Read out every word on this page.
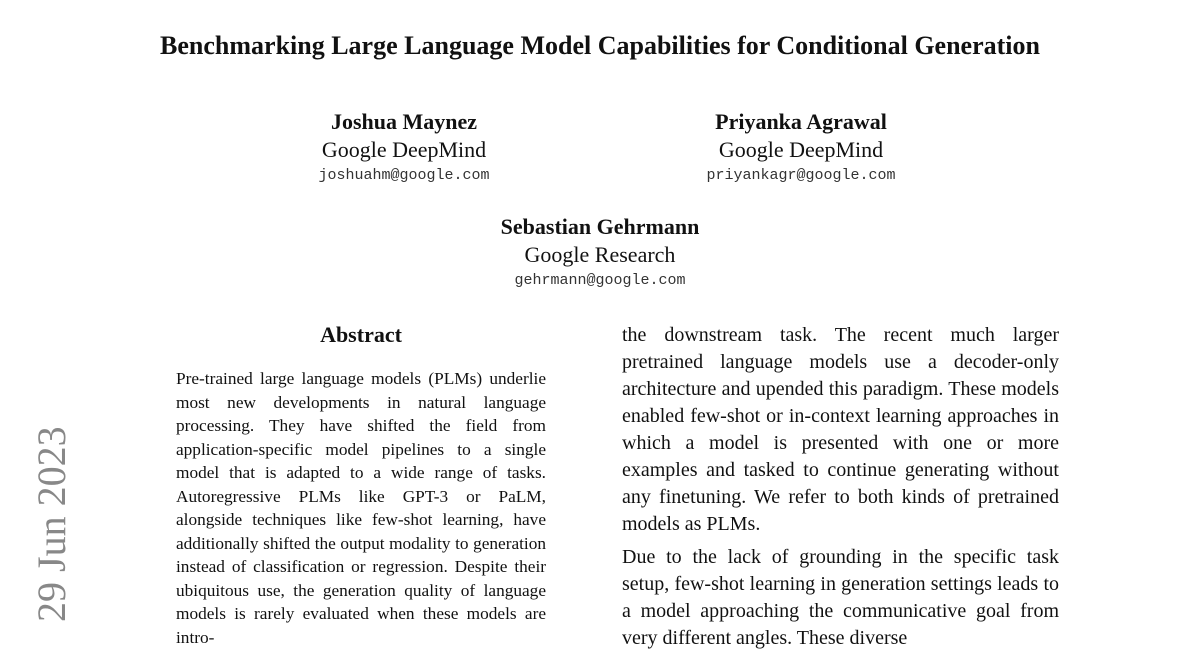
29 Jun 2023
Benchmarking Large Language Model Capabilities for Conditional Generation
Joshua Maynez
Google DeepMind
joshuahm@google.com
Priyanka Agrawal
Google DeepMind
priyankagr@google.com
Sebastian Gehrmann
Google Research
gehrmann@google.com
Abstract
Pre-trained large language models (PLMs) underlie most new developments in natural language processing. They have shifted the field from application-specific model pipelines to a single model that is adapted to a wide range of tasks. Autoregressive PLMs like GPT-3 or PaLM, alongside techniques like few-shot learning, have additionally shifted the output modality to generation instead of classification or regression. Despite their ubiquitous use, the generation quality of language models is rarely evaluated when these models are intro-

the downstream task. The recent much larger pretrained language models use a decoder-only architecture and upended this paradigm. These models enabled few-shot or in-context learning approaches in which a model is presented with one or more examples and tasked to continue generating without any finetuning. We refer to both kinds of pretrained models as PLMs.

Due to the lack of grounding in the specific task setup, few-shot learning in generation settings leads to a model approaching the communicative goal from very different angles. These diverse
